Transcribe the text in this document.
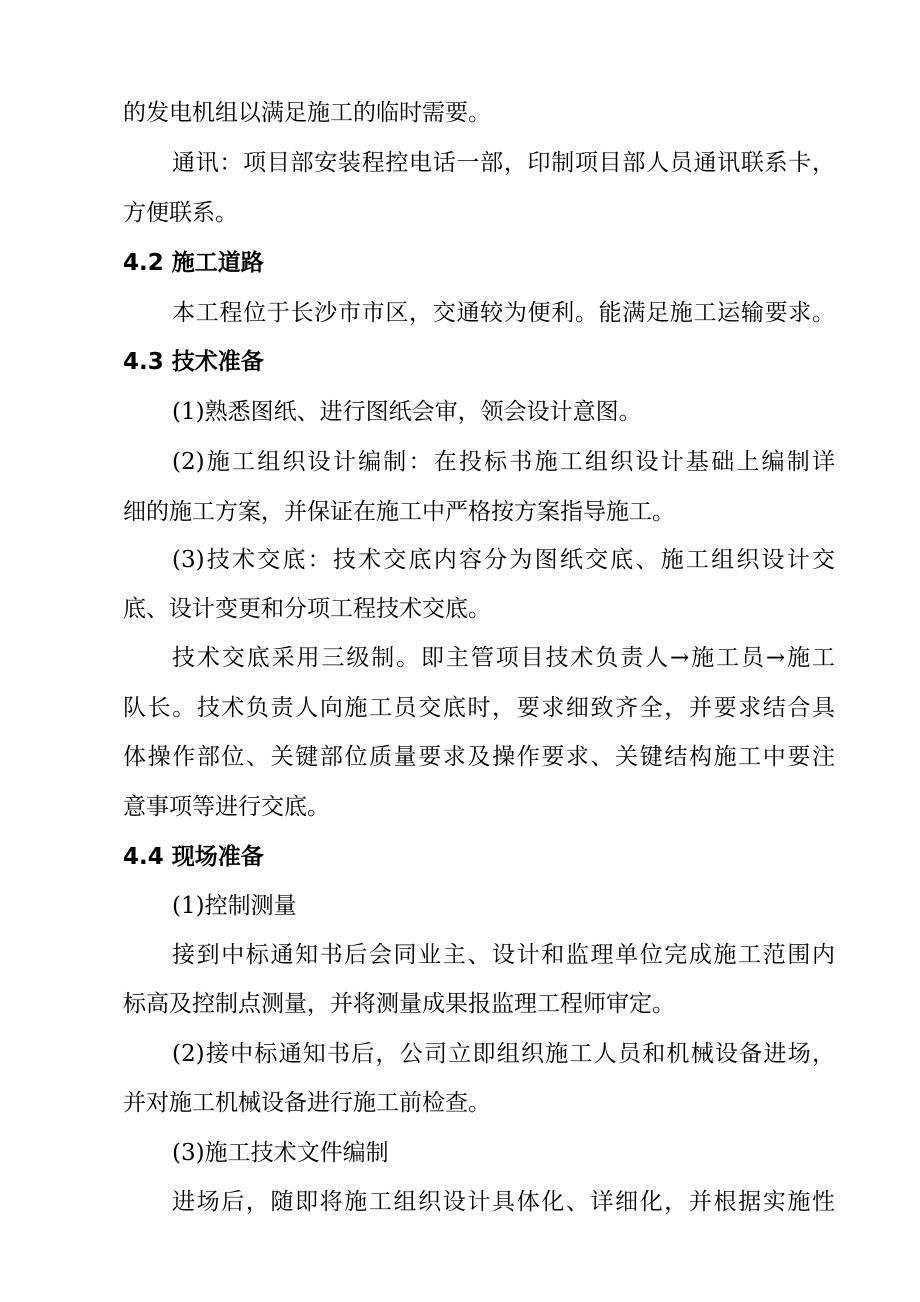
的发电机组以满足施工的临时需要。
通讯：项目部安装程控电话一部，印制项目部人员通讯联系卡，
方便联系。
4.2 施工道路
本工程位于长沙市市区，交通较为便利。能满足施工运输要求。
4.3 技术准备
(1)熟悉图纸、进行图纸会审，领会设计意图。
(2)施工组织设计编制：在投标书施工组织设计基础上编制详
细的施工方案，并保证在施工中严格按方案指导施工。
(3)技术交底：技术交底内容分为图纸交底、施工组织设计交
底、设计变更和分项工程技术交底。
技术交底采用三级制。即主管项目技术负责人→施工员→施工
队长。技术负责人向施工员交底时，要求细致齐全，并要求结合具
体操作部位、关键部位质量要求及操作要求、关键结构施工中要注
意事项等进行交底。
4.4 现场准备
(1)控制测量
接到中标通知书后会同业主、设计和监理单位完成施工范围内
标高及控制点测量，并将测量成果报监理工程师审定。
(2)接中标通知书后，公司立即组织施工人员和机械设备进场，
并对施工机械设备进行施工前检查。
(3)施工技术文件编制
进场后，随即将施工组织设计具体化、详细化，并根据实施性
